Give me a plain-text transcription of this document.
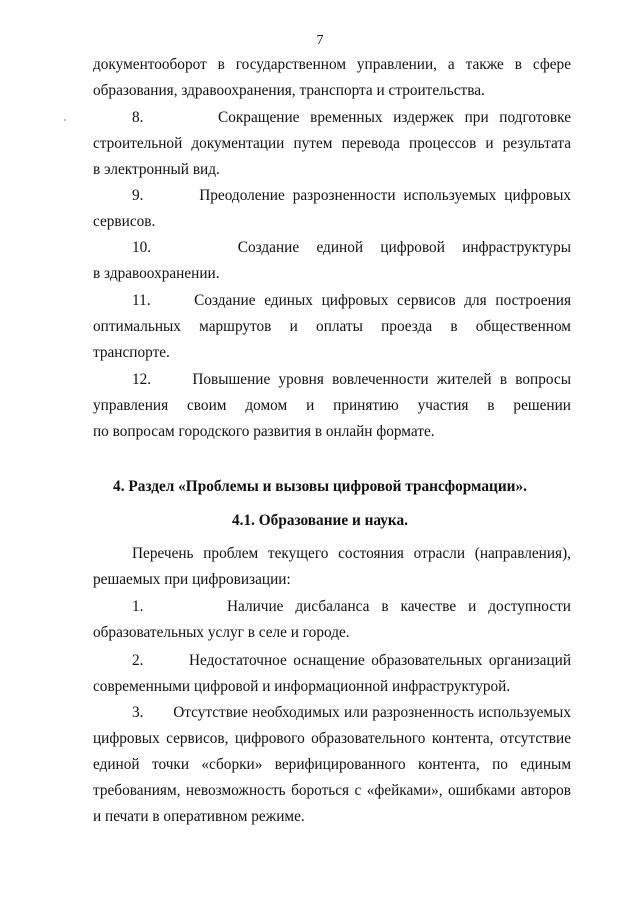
7

документооборот в государственном управлении, а также в сфере
образования, здравоохранения, транспорта и строительства.

8.       Сокращение временных издержек при подготовке
строительной документации путем перевода процессов и результата
в электронный вид.

9.       Преодоление разрозненности используемых цифровых
сервисов.

10.     Создание единой цифровой инфраструктуры
в здравоохранении.

11.     Создание единых цифровых сервисов для построения
оптимальных маршрутов и оплаты проезда в общественном
транспорте.

12.     Повышение уровня вовлеченности жителей в вопросы
управления своим домом и принятию участия в решении
по вопросам городского развития в онлайн формате.

4. Раздел «Проблемы и вызовы цифровой трансформации».

4.1. Образование и наука.

Перечень проблем текущего состояния отрасли (направления),
решаемых при цифровизации:

1.       Наличие дисбаланса в качестве и доступности
образовательных услуг в селе и городе.

2.       Недостаточное оснащение образовательных организаций
современными цифровой и информационной инфраструктурой.

3.       Отсутствие необходимых или разрозненность используемых
цифровых сервисов, цифрового образовательного контента, отсутствие
единой точки «сборки» верифицированного контента, по единым
требованиям, невозможность бороться с «фейками», ошибками авторов
и печати в оперативном режиме.
